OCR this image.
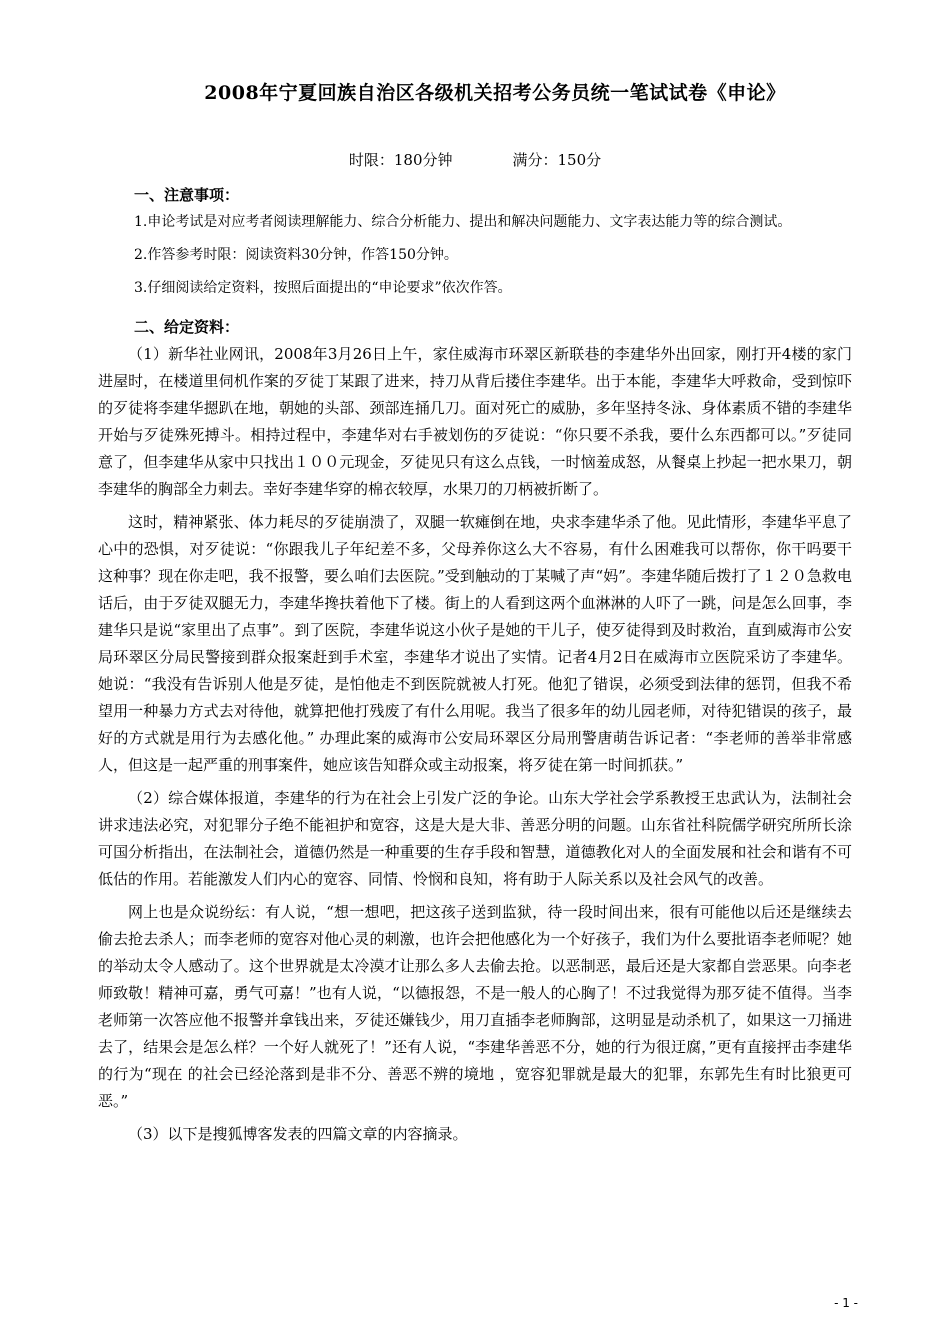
2008年宁夏回族自治区各级机关招考公务员统一笔试试卷《申论》
时限：180分钟	满分：150分
一、注意事项：

1.申论考试是对应考者阅读理解能力、综合分析能力、提出和解决问题能力、文字表达能力等的综合测试。

2.作答参考时限：阅读资料30分钟，作答150分钟。

3.仔细阅读给定资料，按照后面提出的“申论要求”依次作答。

二、给定资料：

（1）新华社业网讯，2008年3月26日上午，家住威海市环翠区新联巷的李建华外出回家，刚打开4楼的家门进屋时，在楼道里伺机作案的歹徒丁某跟了进来，持刀从背后搂住李建华。出于本能，李建华大呼救命，受到惊吓的歹徒将李建华摁趴在地，朝她的头部、颈部连捅几刀。面对死亡的威胁，多年坚持冬泳、身体素质不错的李建华开始与歹徒殊死搏斗。相持过程中，李建华对右手被划伤的歹徒说：“你只要不杀我，要什么东西都可以。”歹徒同意了，但李建华从家中只找出１００元现金，歹徒见只有这么点钱，一时恼羞成怒，从餐桌上抄起一把水果刀，朝李建华的胸部全力刺去。幸好李建华穿的棉衣较厚，水果刀的刀柄被折断了。

这时，精神紧张、体力耗尽的歹徒崩溃了，双腿一软瘫倒在地，央求李建华杀了他。见此情形，李建华平息了心中的恐惧，对歹徒说：“你跟我儿子年纪差不多，父母养你这么大不容易，有什么困难我可以帮你，你干吗要干这种事？现在你走吧，我不报警，要么咱们去医院。”受到触动的丁某喊了声“妈”。李建华随后拨打了１２０急救电话后，由于歹徒双腿无力，李建华搀扶着他下了楼。街上的人看到这两个血淋淋的人吓了一跳，问是怎么回事，李建华只是说“家里出了点事”。到了医院，李建华说这小伙子是她的干儿子，使歹徒得到及时救治，直到威海市公安局环翠区分局民警接到群众报案赶到手术室，李建华才说出了实情。记者4月2日在威海市立医院采访了李建华。她说：“我没有告诉别人他是歹徒，是怕他走不到医院就被人打死。他犯了错误，必须受到法律的惩罚，但我不希望用一种暴力方式去对待他，就算把他打残废了有什么用呢。我当了很多年的幼儿园老师，对待犯错误的孩子，最好的方式就是用行为去感化他。” 办理此案的威海市公安局环翠区分局刑警唐萌告诉记者：“李老师的善举非常感人，但这是一起严重的刑事案件，她应该告知群众或主动报案，将歹徒在第一时间抓获。”

（2）综合媒体报道，李建华的行为在社会上引发广泛的争论。山东大学社会学系教授王忠武认为，法制社会讲求违法必究，对犯罪分子绝不能袒护和宽容，这是大是大非、善恶分明的问题。山东省社科院儒学研究所所长涂可国分析指出，在法制社会，道德仍然是一种重要的生存手段和智慧，道德教化对人的全面发展和社会和谐有不可低估的作用。若能激发人们内心的宽容、同情、怜悯和良知，将有助于人际关系以及社会风气的改善。

网上也是众说纷纭：有人说，“想一想吧，把这孩子送到监狱，待一段时间出来，很有可能他以后还是继续去偷去抢去杀人；而李老师的宽容对他心灵的刺激，也许会把他感化为一个好孩子，我们为什么要批语李老师呢？她的举动太令人感动了。这个世界就是太冷漠才让那么多人去偷去抢。以恶制恶，最后还是大家都自尝恶果。向李老师致敬！精神可嘉，勇气可嘉！”也有人说，“以德报怨，不是一般人的心胸了！不过我觉得为那歹徒不值得。当李老师第一次答应他不报警并拿钱出来，歹徒还嫌钱少，用刀直插李老师胸部，这明显是动杀机了，如果这一刀捅进去了，结果会是怎么样？一个好人就死了！”还有人说，“李建华善恶不分，她的行为很迂腐，”更有直接抨击李建华的行为“现在 的社会已经沦落到是非不分、善恶不辨的境地 ，宽容犯罪就是最大的犯罪，东郭先生有时比狼更可恶。”

（3）以下是搜狐博客发表的四篇文章的内容摘录。

- 1 -
